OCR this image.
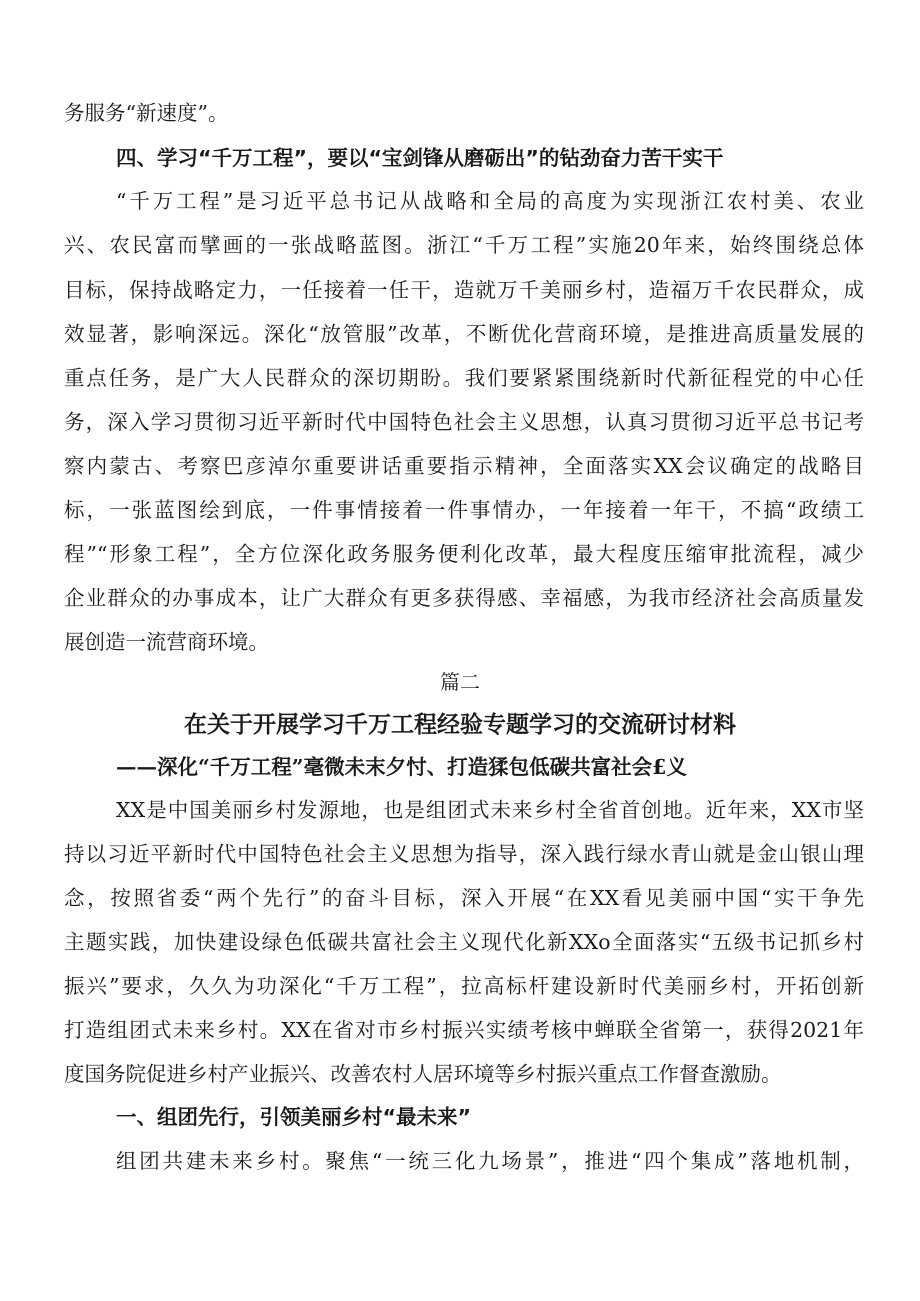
务服务“新速度”。
四、学习“千万工程”，要以“宝剑锋从磨砺出”的钻劲奋力苦干实干
“千万工程”是习近平总书记从战略和全局的高度为实现浙江农村美、农业
兴、农民富而擘画的一张战略蓝图。浙江“千万工程”实施20年来，始终围绕总体
目标，保持战略定力，一任接着一任干，造就万千美丽乡村，造福万千农民群众，成
效显著，影响深远。深化“放管服”改革，不断优化营商环境，是推进高质量发展的
重点任务，是广大人民群众的深切期盼。我们要紧紧围绕新时代新征程党的中心任
务，深入学习贯彻习近平新时代中国特色社会主义思想，认真习贯彻习近平总书记考
察内蒙古、考察巴彦淖尔重要讲话重要指示精神，全面落实XX会议确定的战略目
标，一张蓝图绘到底，一件事情接着一件事情办，一年接着一年干，不搞“政绩工
程”“形象工程”，全方位深化政务服务便利化改革，最大程度压缩审批流程，减少
企业群众的办事成本，让广大群众有更多获得感、幸福感，为我市经济社会高质量发
展创造一流营商环境。
篇二
在关于开展学习千万工程经验专题学习的交流研讨材料
——深化“千万工程”毫微未末夕忖、打造猱包低碳共富社会£义
XX是中国美丽乡村发源地，也是组团式未来乡村全省首创地。近年来，XX市坚
持以习近平新时代中国特色社会主义思想为指导，深入践行绿水青山就是金山银山理
念，按照省委“两个先行”的奋斗目标，深入开展“在XX看见美丽中国“实干争先
主题实践，加快建设绿色低碳共富社会主义现代化新XXo全面落实“五级书记抓乡村
振兴”要求，久久为功深化“千万工程”，拉高标杆建设新时代美丽乡村，开拓创新
打造组团式未来乡村。XX在省对市乡村振兴实绩考核中蝉联全省第一，获得2021年
度国务院促进乡村产业振兴、改善农村人居环境等乡村振兴重点工作督查激励。
一、组团先行，引领美丽乡村“最未来”
组团共建未来乡村。聚焦“一统三化九场景”，推进“四个集成”落地机制，
